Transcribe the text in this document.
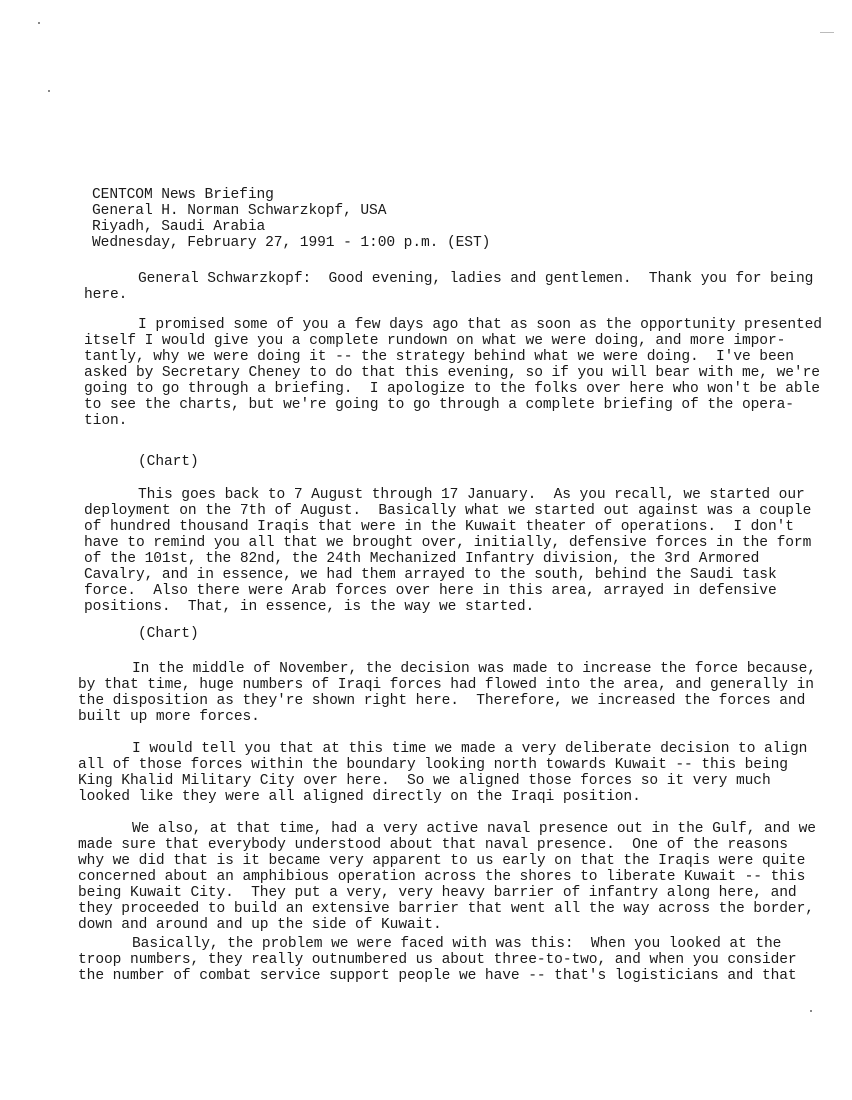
CENTCOM News Briefing
General H. Norman Schwarzkopf, USA
Riyadh, Saudi Arabia
Wednesday, February 27, 1991 - 1:00 p.m. (EST)
General Schwarzkopf:  Good evening, ladies and gentlemen.  Thank you for being
here.
I promised some of you a few days ago that as soon as the opportunity presented
itself I would give you a complete rundown on what we were doing, and more impor-
tantly, why we were doing it -- the strategy behind what we were doing.  I've been
asked by Secretary Cheney to do that this evening, so if you will bear with me, we're
going to go through a briefing.  I apologize to the folks over here who won't be able
to see the charts, but we're going to go through a complete briefing of the opera-
tion.
(Chart)
This goes back to 7 August through 17 January.  As you recall, we started our
deployment on the 7th of August.  Basically what we started out against was a couple
of hundred thousand Iraqis that were in the Kuwait theater of operations.  I don't
have to remind you all that we brought over, initially, defensive forces in the form
of the 101st, the 82nd, the 24th Mechanized Infantry division, the 3rd Armored
Cavalry, and in essence, we had them arrayed to the south, behind the Saudi task
force.  Also there were Arab forces over here in this area, arrayed in defensive
positions.  That, in essence, is the way we started.
(Chart)
In the middle of November, the decision was made to increase the force because,
by that time, huge numbers of Iraqi forces had flowed into the area, and generally in
the disposition as they're shown right here.  Therefore, we increased the forces and
built up more forces.
I would tell you that at this time we made a very deliberate decision to align
all of those forces within the boundary looking north towards Kuwait -- this being
King Khalid Military City over here.  So we aligned those forces so it very much
looked like they were all aligned directly on the Iraqi position.
We also, at that time, had a very active naval presence out in the Gulf, and we
made sure that everybody understood about that naval presence.  One of the reasons
why we did that is it became very apparent to us early on that the Iraqis were quite
concerned about an amphibious operation across the shores to liberate Kuwait -- this
being Kuwait City.  They put a very, very heavy barrier of infantry along here, and
they proceeded to build an extensive barrier that went all the way across the border,
down and around and up the side of Kuwait.
Basically, the problem we were faced with was this:  When you looked at the
troop numbers, they really outnumbered us about three-to-two, and when you consider
the number of combat service support people we have -- that's logisticians and that
